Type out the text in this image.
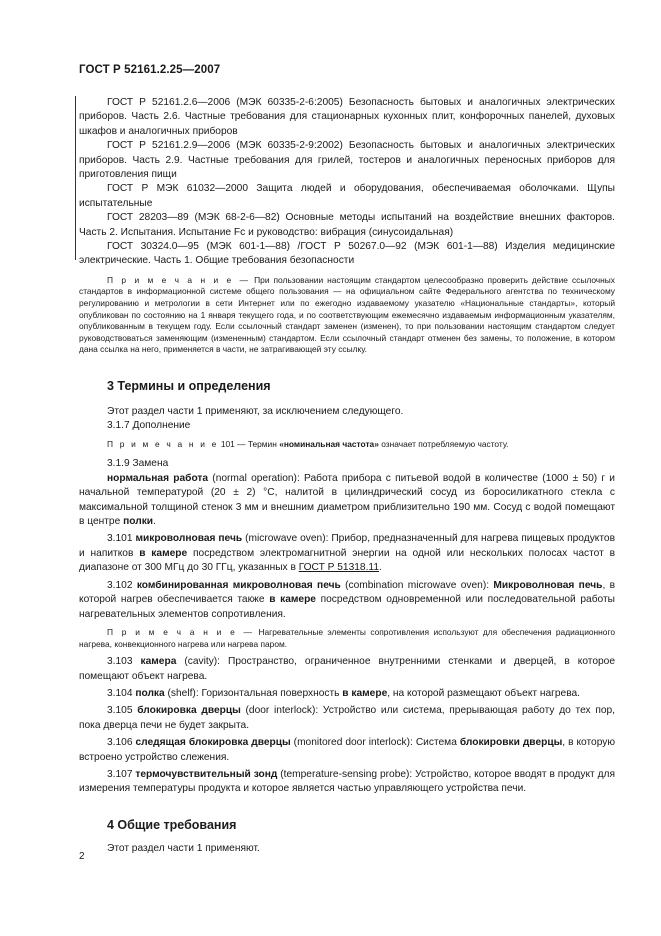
ГОСТ Р 52161.2.25—2007

ГОСТ Р 52161.2.6—2006 (МЭК 60335-2-6:2005) Безопасность бытовых и аналогичных электрических приборов. Часть 2.6. Частные требования для стационарных кухонных плит, конфорочных панелей, духовых шкафов и аналогичных приборов

ГОСТ Р 52161.2.9—2006 (МЭК 60335-2-9:2002) Безопасность бытовых и аналогичных электрических приборов. Часть 2.9. Частные требования для грилей, тостеров и аналогичных переносных приборов для приготовления пищи

ГОСТ Р МЭК 61032—2000 Защита людей и оборудования, обеспечиваемая оболочками. Щупы испытательные

ГОСТ 28203—89 (МЭК 68-2-6—82) Основные методы испытаний на воздействие внешних факторов. Часть 2. Испытания. Испытание Fc и руководство: вибрация (синусоидальная)

ГОСТ 30324.0—95 (МЭК 601-1—88) /ГОСТ Р 50267.0—92 (МЭК 601-1—88) Изделия медицинские электрические. Часть 1. Общие требования безопасности

П р и м е ч а н и е — При пользовании настоящим стандартом целесообразно проверить действие ссылочных стандартов в информационной системе общего пользования — на официальном сайте Федерального агентства по техническому регулированию и метрологии в сети Интернет или по ежегодно издаваемому указателю «Национальные стандарты», который опубликован по состоянию на 1 января текущего года, и по соответствующим ежемесячно издаваемым информационным указателям, опубликованным в текущем году. Если ссылочный стандарт заменен (изменен), то при пользовании настоящим стандартом следует руководствоваться заменяющим (измененным) стандартом. Если ссылочный стандарт отменен без замены, то положение, в котором дана ссылка на него, применяется в части, не затрагивающей эту ссылку.

3 Термины и определения

Этот раздел части 1 применяют, за исключением следующего.

3.1.7 Дополнение

П р и м е ч а н и е 101 — Термин «номинальная частота» означает потребляемую частоту.

3.1.9 Замена

нормальная работа (normal operation): Работа прибора с питьевой водой в количестве (1000 ± 50) г и начальной температурой (20 ± 2) °С, налитой в цилиндрический сосуд из боросиликатного стекла с максимальной толщиной стенок 3 мм и внешним диаметром приблизительно 190 мм. Сосуд с водой помещают в центре полки.

3.101 микроволновая печь (microwave oven): Прибор, предназначенный для нагрева пищевых продуктов и напитков в камере посредством электромагнитной энергии на одной или нескольких полосах частот в диапазоне от 300 МГц до 30 ГГц, указанных в ГОСТ Р 51318.11.

3.102 комбинированная микроволновая печь (combination microwave oven): Микроволновая печь, в которой нагрев обеспечивается также в камере посредством одновременной или последовательной работы нагревательных элементов сопротивления.

П р и м е ч а н и е — Нагревательные элементы сопротивления используют для обеспечения радиационного нагрева, конвекционного нагрева или нагрева паром.

3.103 камера (cavity): Пространство, ограниченное внутренними стенками и дверцей, в которое помещают объект нагрева.

3.104 полка (shelf): Горизонтальная поверхность в камере, на которой размещают объект нагрева.

3.105 блокировка дверцы (door interlock): Устройство или система, прерывающая работу до тех пор, пока дверца печи не будет закрыта.

3.106 следящая блокировка дверцы (monitored door interlock): Система блокировки дверцы, в которую встроено устройство слежения.

3.107 термочувствительный зонд (temperature-sensing probe): Устройство, которое вводят в продукт для измерения температуры продукта и которое является частью управляющего устройства печи.

4 Общие требования

Этот раздел части 1 применяют.

2
